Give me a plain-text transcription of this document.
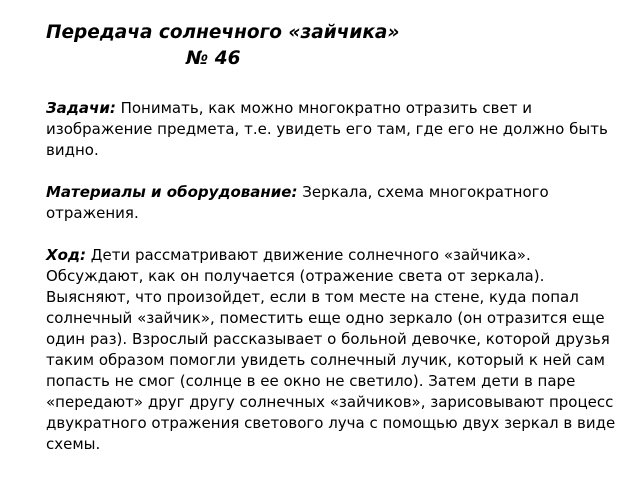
Передача солнечного «зайчика»
№ 46

Задачи: Понимать, как можно многократно отразить свет и изображение предмета, т.е. увидеть его там, где его не должно быть видно.

Материалы и оборудование: Зеркала, схема многократного отражения.

Ход: Дети рассматривают движение солнечного «зайчика». Обсуждают, как он получается (отражение света от зеркала). Выясняют, что произойдет, если в том месте на стене, куда попал солнечный «зайчик», поместить еще одно зеркало (он отразится еще один раз). Взрослый рассказывает о больной девочке, которой друзья таким образом помогли увидеть солнечный лучик, который к ней сам попасть не смог (солнце в ее окно не светило). Затем дети в паре «передают» друг другу солнечных «зайчиков», зарисовывают процесс двукратного отражения светового луча с помощью двух зеркал в виде схемы.
